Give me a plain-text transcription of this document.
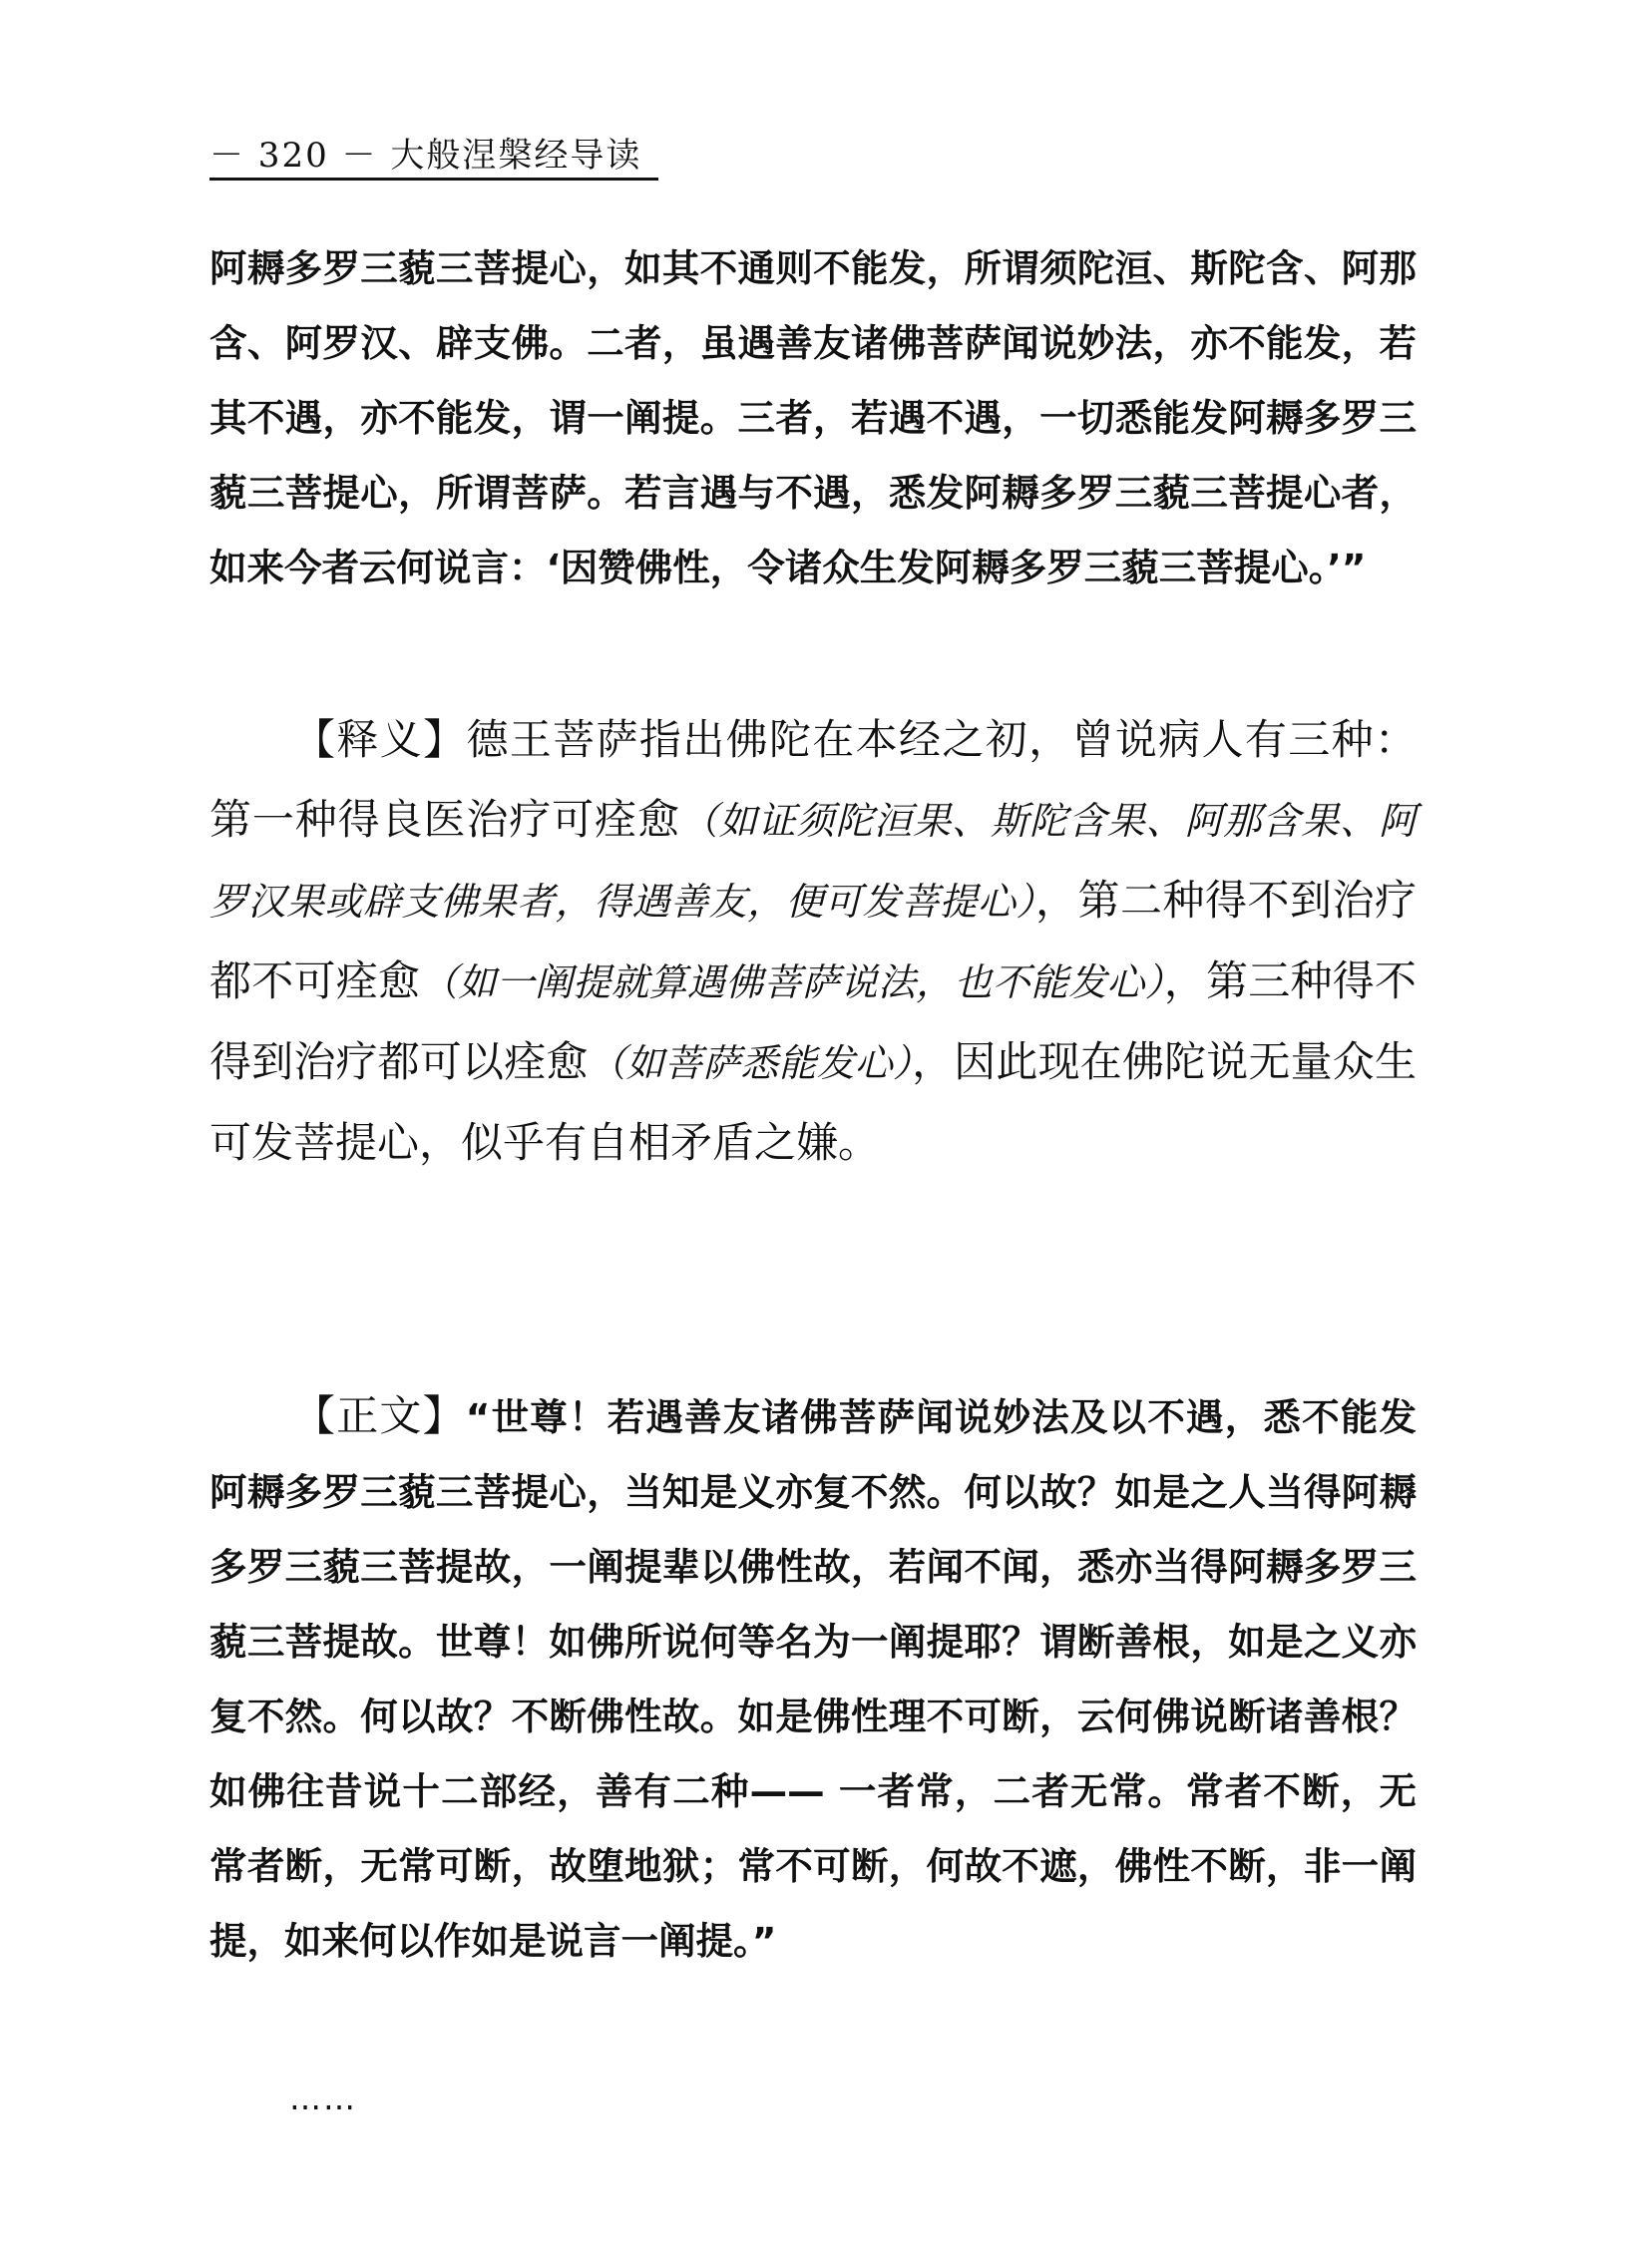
－ 320 － 大般涅槃经导读

阿耨多罗三藐三菩提心，如其不通则不能发，所谓须陀洹、斯陀含、阿那含、阿罗汉、辟支佛。二者，虽遇善友诸佛菩萨闻说妙法，亦不能发，若其不遇，亦不能发，谓一阐提。三者，若遇不遇，一切悉能发阿耨多罗三藐三菩提心，所谓菩萨。若言遇与不遇，悉发阿耨多罗三藐三菩提心者，如来今者云何说言：‘因赞佛性，令诸众生发阿耨多罗三藐三菩提心。’”

【释义】德王菩萨指出佛陀在本经之初，曾说病人有三种：第一种得良医治疗可痊愈（如证须陀洹果、斯陀含果、阿那含果、阿罗汉果或辟支佛果者，得遇善友，便可发菩提心），第二种得不到治疗都不可痊愈（如一阐提就算遇佛菩萨说法，也不能发心），第三种得不得到治疗都可以痊愈（如菩萨悉能发心），因此现在佛陀说无量众生可发菩提心，似乎有自相矛盾之嫌。

【正文】“世尊！若遇善友诸佛菩萨闻说妙法及以不遇，悉不能发阿耨多罗三藐三菩提心，当知是义亦复不然。何以故？如是之人当得阿耨多罗三藐三菩提故，一阐提辈以佛性故，若闻不闻，悉亦当得阿耨多罗三藐三菩提故。世尊！如佛所说何等名为一阐提耶？谓断善根，如是之义亦复不然。何以故？不断佛性故。如是佛性理不可断，云何佛说断诸善根？如佛往昔说十二部经，善有二种—— 一者常，二者无常。常者不断，无常者断，无常可断，故堕地狱；常不可断，何故不遮，佛性不断，非一阐提，如来何以作如是说言一阐提。”

……
